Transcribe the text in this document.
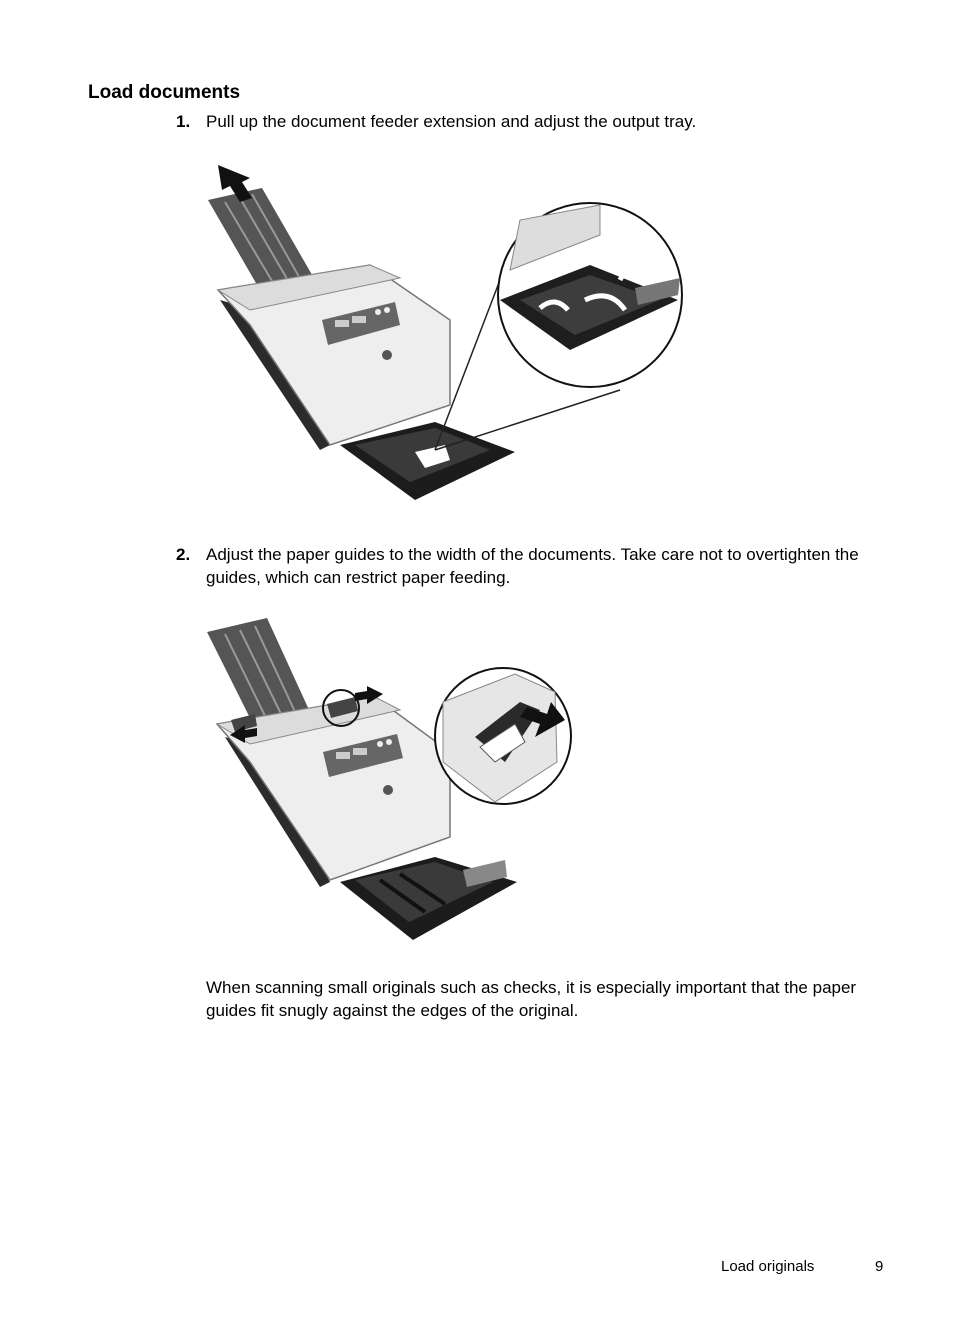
Load documents
1. Pull up the document feeder extension and adjust the output tray.
2. Adjust the paper guides to the width of the documents. Take care not to overtighten the guides, which can restrict paper feeding.
When scanning small originals such as checks, it is especially important that the paper guides fit snugly against the edges of the original.
Load originals	9
